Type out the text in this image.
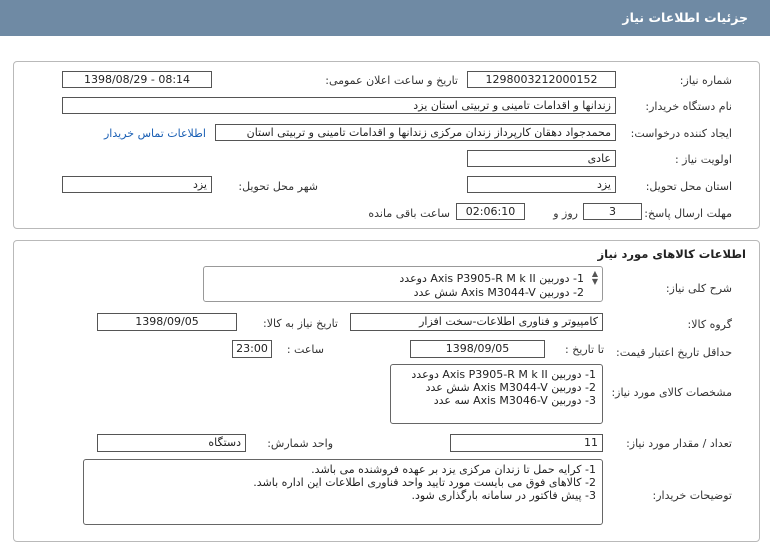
جزئیات اطلاعات نیاز
شماره نیاز:
1298003212000152
تاریخ و ساعت اعلان عمومی:
1398/08/29 - 08:14
نام دستگاه خریدار:
زندانها و اقدامات تامینی و تربیتی استان یزد
ایجاد کننده درخواست:
محمدجواد دهقان کارپرداز زندان مرکزی زندانها و اقدامات تامینی و تربیتی استان
اطلاعات تماس خریدار
اولویت نیاز :
عادی
استان محل تحویل:
یزد
شهر محل تحویل:
یزد
مهلت ارسال پاسخ:
3
روز و
02:06:10
ساعت باقی مانده
اطلاعات کالاهای مورد نیاز
شرح کلی نیاز:
▲
▼
1- دوربین Axis P3905-R M k II دوعدد
2- دوربین Axis M3044-V شش عدد
گروه کالا:
کامپیوتر و فناوری اطلاعات-سخت افزار
تاریخ نیاز به کالا:
1398/09/05
حداقل تاریخ اعتبار قیمت:
تا تاریخ :
1398/09/05
ساعت :
23:00
مشخصات کالای مورد نیاز:
1- دوربین Axis P3905-R M k II دوعدد
2- دوربین Axis M3044-V شش عدد
3- دوربین Axis M3046-V سه عدد
تعداد / مقدار مورد نیاز:
11
واحد شمارش:
دستگاه
توضیحات خریدار:
1- کرایه حمل تا زندان مرکزی یزد بر عهده فروشنده می باشد.
2- کالاهای فوق می بایست مورد تایید واحد فناوری اطلاعات این اداره باشد.
3- پیش فاکتور در سامانه بارگذاری شود.
